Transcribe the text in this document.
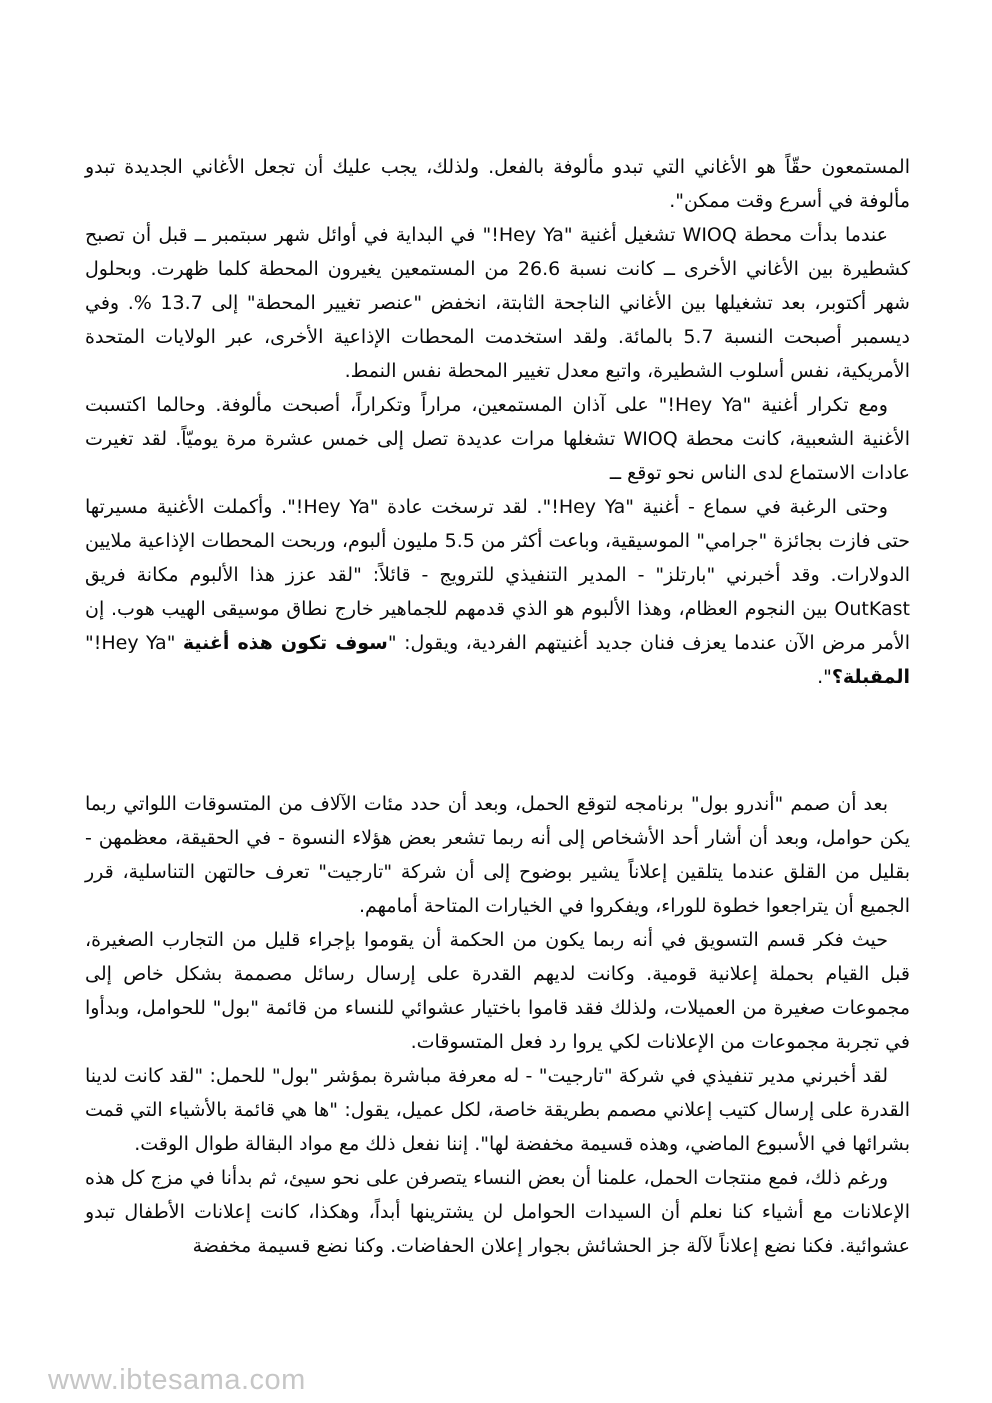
المستمعون حقّاً هو الأغاني التي تبدو مألوفة بالفعل. ولذلك، يجب عليك أن تجعل الأغاني الجديدة تبدو مألوفة في أسرع وقت ممكن".

عندما بدأت محطة WIOQ تشغيل أغنية "Hey Ya!" في البداية في أوائل شهر سبتمبر ــ قبل أن تصبح كشطيرة بين الأغاني الأخرى ــ كانت نسبة 26.6 من المستمعين يغيرون المحطة كلما ظهرت. وبحلول شهر أكتوبر، بعد تشغيلها بين الأغاني الناجحة الثابتة، انخفض "عنصر تغيير المحطة" إلى 13.7 %. وفي ديسمبر أصبحت النسبة 5.7 بالمائة. ولقد استخدمت المحطات الإذاعية الأخرى، عبر الولايات المتحدة الأمريكية، نفس أسلوب الشطيرة، واتبع معدل تغيير المحطة نفس النمط.

ومع تكرار أغنية "Hey Ya!" على آذان المستمعين، مراراً وتكراراً، أصبحت مألوفة. وحالما اكتسبت الأغنية الشعبية، كانت محطة WIOQ تشغلها مرات عديدة تصل إلى خمس عشرة مرة يوميّاً. لقد تغيرت عادات الاستماع لدى الناس نحو توقع ــ

وحتى الرغبة في سماع - أغنية "Hey Ya!". لقد ترسخت عادة "Hey Ya!". وأكملت الأغنية مسيرتها حتى فازت بجائزة "جرامي" الموسيقية، وباعت أكثر من 5.5 مليون ألبوم، وربحت المحطات الإذاعية ملايين الدولارات. وقد أخبرني "بارتلز" - المدير التنفيذي للترويج - قائلاً: "لقد عزز هذا الألبوم مكانة فريق OutKast بين النجوم العظام، وهذا الألبوم هو الذي قدمهم للجماهير خارج نطاق موسيقى الهيب هوب. إن الأمر مرض الآن عندما يعزف فنان جديد أغنيتهم الفردية، ويقول: "سوف تكون هذه أغنية "Hey Ya!" المقبلة؟".

بعد أن صمم "أندرو بول" برنامجه لتوقع الحمل، وبعد أن حدد مئات الآلاف من المتسوقات اللواتي ربما يكن حوامل، وبعد أن أشار أحد الأشخاص إلى أنه ربما تشعر بعض هؤلاء النسوة - في الحقيقة، معظمهن - بقليل من القلق عندما يتلقين إعلاناً يشير بوضوح إلى أن شركة "تارجيت" تعرف حالتهن التناسلية، قرر الجميع أن يتراجعوا خطوة للوراء، ويفكروا في الخيارات المتاحة أمامهم.

حيث فكر قسم التسويق في أنه ربما يكون من الحكمة أن يقوموا بإجراء قليل من التجارب الصغيرة، قبل القيام بحملة إعلانية قومية. وكانت لديهم القدرة على إرسال رسائل مصممة بشكل خاص إلى مجموعات صغيرة من العميلات، ولذلك فقد قاموا باختيار عشوائي للنساء من قائمة "بول" للحوامل، وبدأوا في تجربة مجموعات من الإعلانات لكي يروا رد فعل المتسوقات.

لقد أخبرني مدير تنفيذي في شركة "تارجيت" - له معرفة مباشرة بمؤشر "بول" للحمل: "لقد كانت لدينا القدرة على إرسال كتيب إعلاني مصمم بطريقة خاصة، لكل عميل، يقول: "ها هي قائمة بالأشياء التي قمت بشرائها في الأسبوع الماضي، وهذه قسيمة مخفضة لها". إننا نفعل ذلك مع مواد البقالة طوال الوقت.

ورغم ذلك، فمع منتجات الحمل، علمنا أن بعض النساء يتصرفن على نحو سيئ، ثم بدأنا في مزج كل هذه الإعلانات مع أشياء كنا نعلم أن السيدات الحوامل لن يشترينها أبداً، وهكذا، كانت إعلانات الأطفال تبدو عشوائية. فكنا نضع إعلاناً لآلة جز الحشائش بجوار إعلان الحفاضات. وكنا نضع قسيمة مخفضة

www.ibtesama.com
